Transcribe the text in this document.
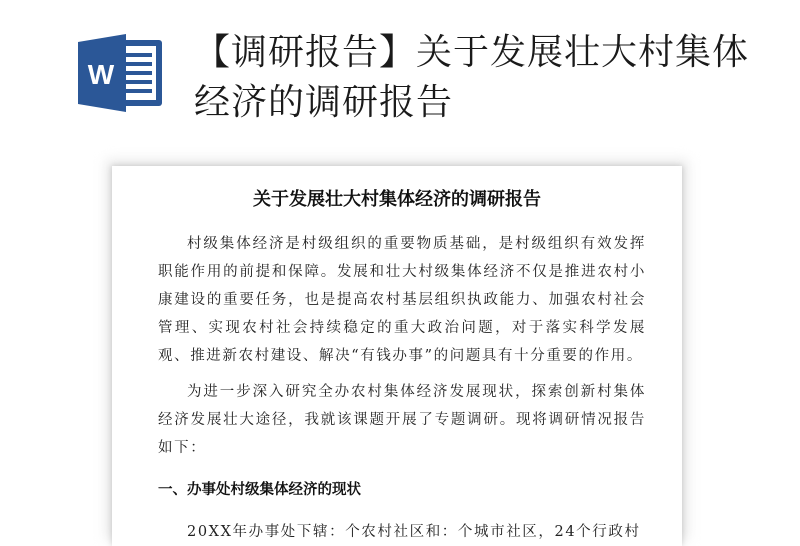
W
【调研报告】关于发展壮大村集体经济的调研报告
关于发展壮大村集体经济的调研报告

村级集体经济是村级组织的重要物质基础，是村级组织有效发挥职能作用的前提和保障。发展和壮大村级集体经济不仅是推进农村小康建设的重要任务，也是提高农村基层组织执政能力、加强农村社会管理、实现农村社会持续稳定的重大政治问题，对于落实科学发展观、推进新农村建设、解决“有钱办事”的问题具有十分重要的作用。

为进一步深入研究全办农村集体经济发展现状，探索创新村集体经济发展壮大途径，我就该课题开展了专题调研。现将调研情况报告如下：

一、办事处村级集体经济的现状
20XX年办事处下辖：个农村社区和：个城市社区，24个行政村
